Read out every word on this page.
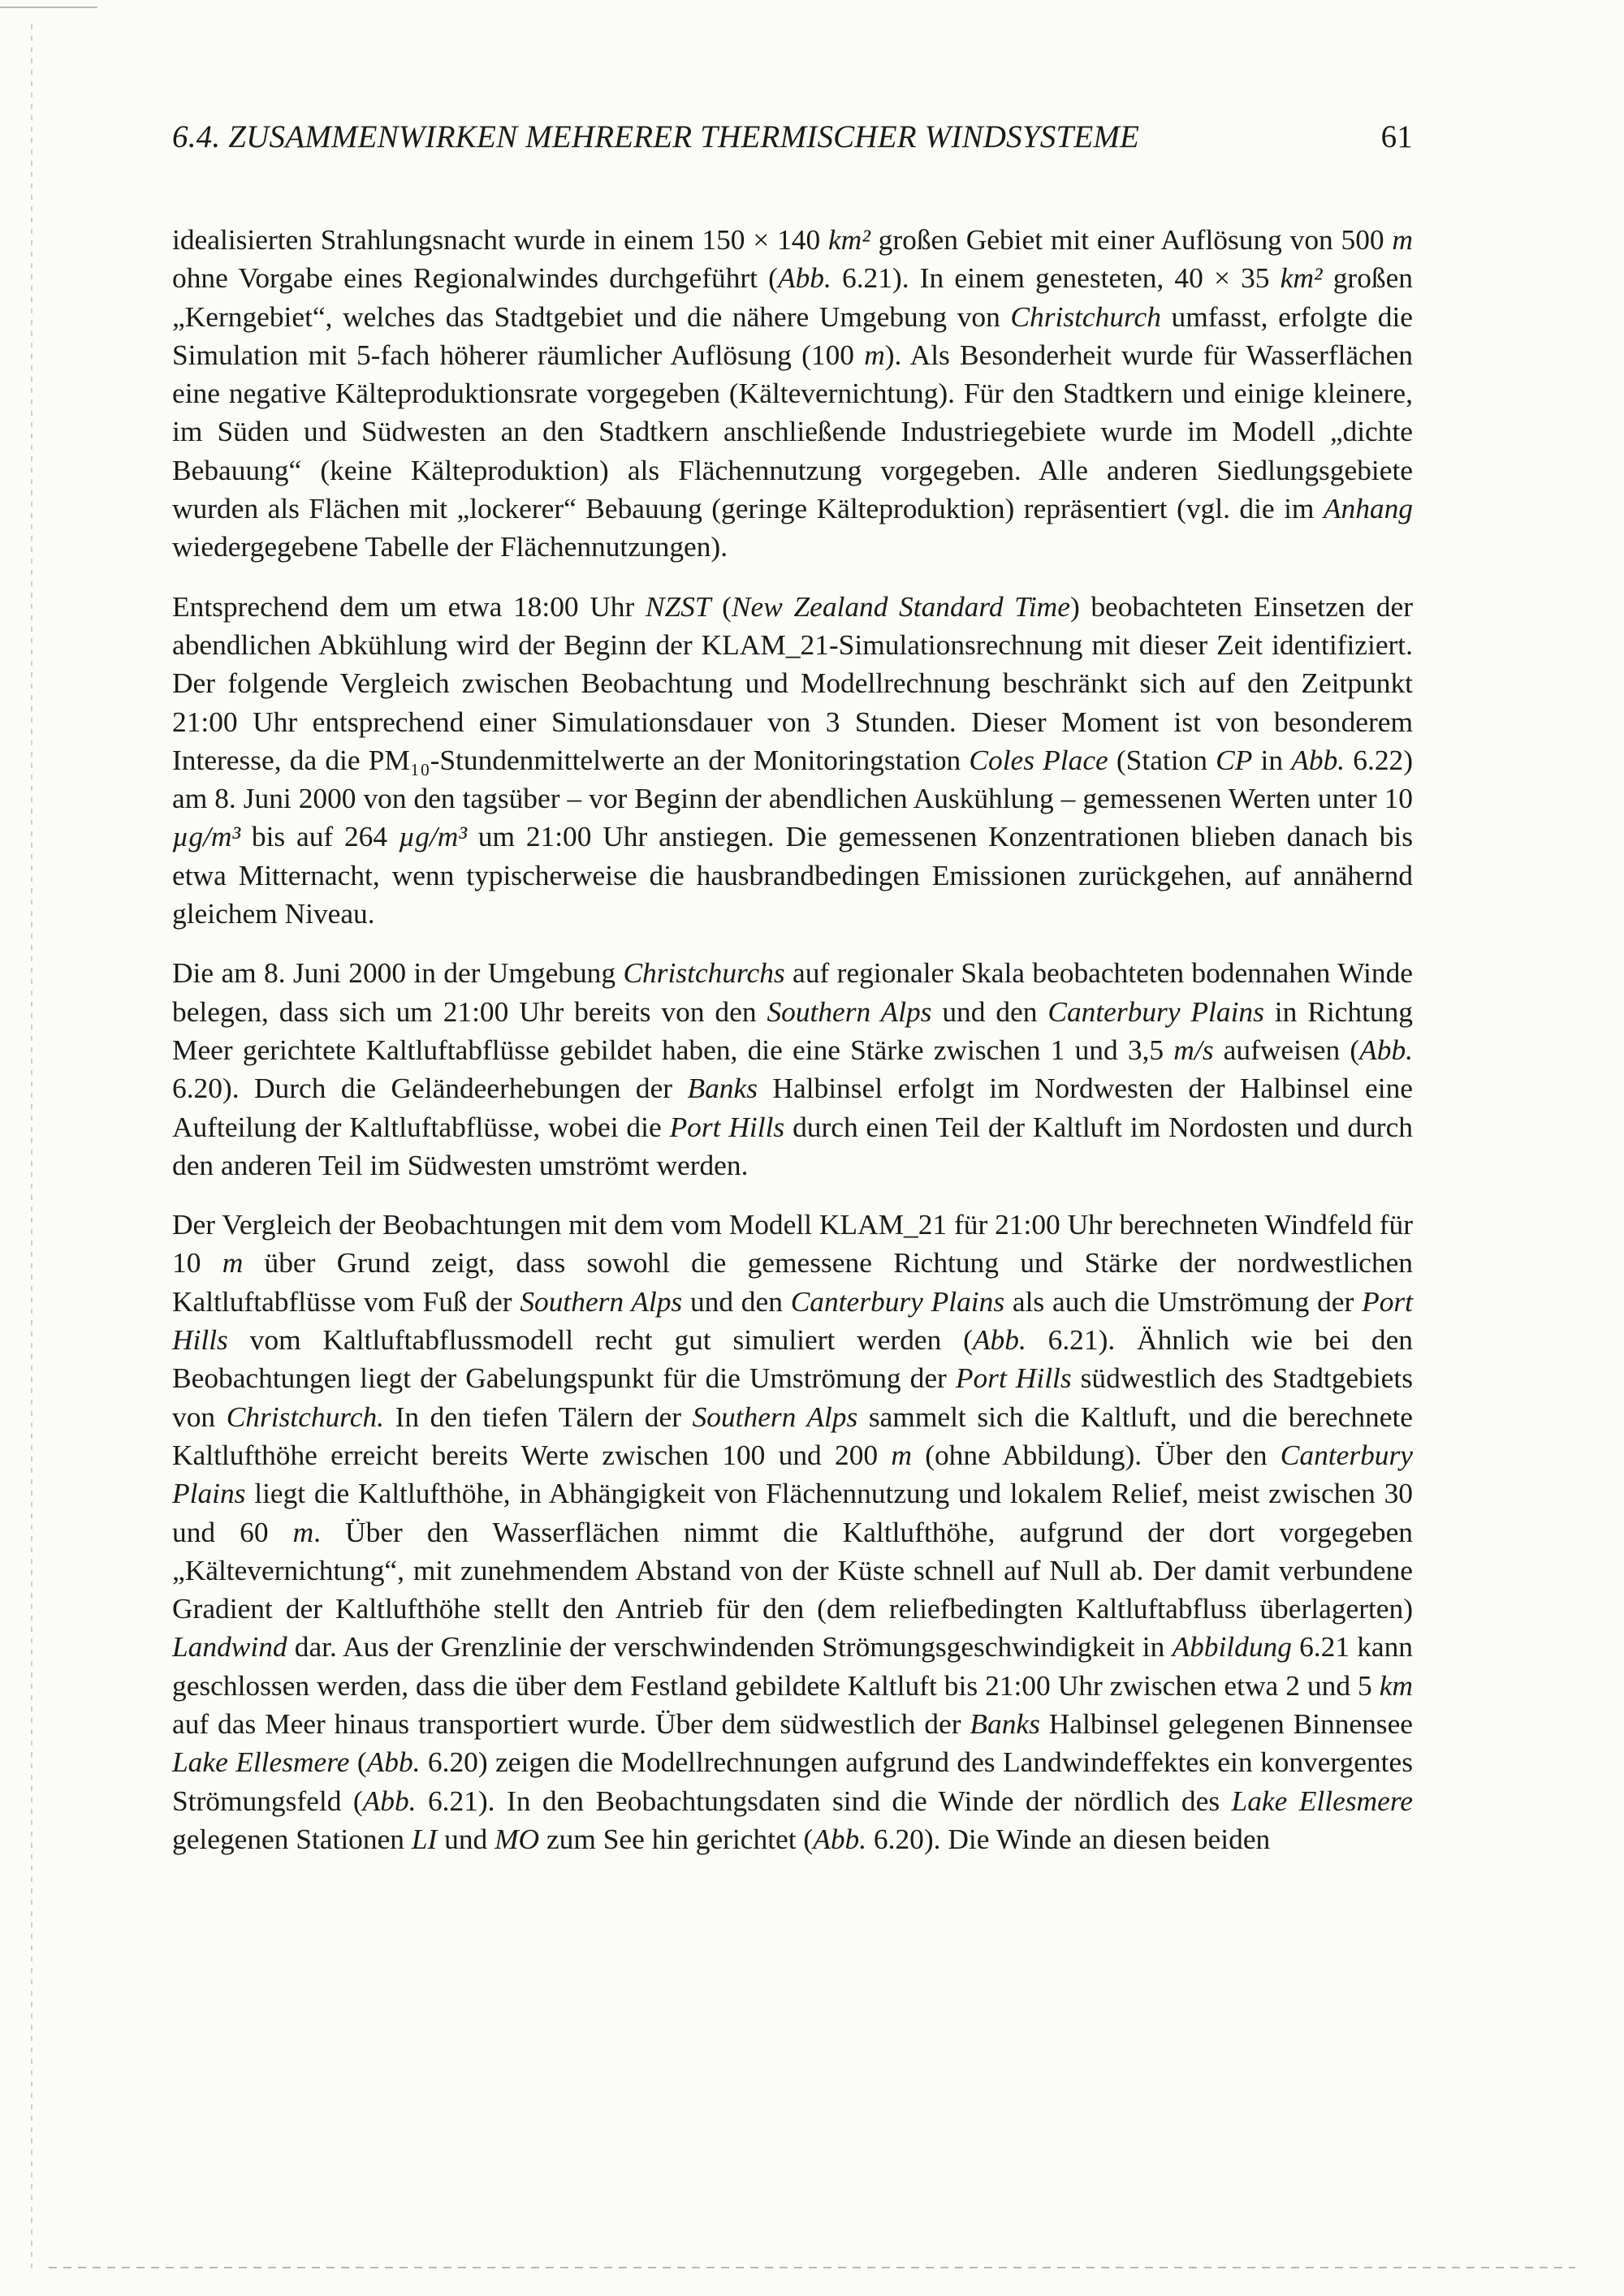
6.4. ZUSAMMENWIRKEN MEHRERER THERMISCHER WINDSYSTEME	61

idealisierten Strahlungsnacht wurde in einem 150 × 140 km² großen Gebiet mit einer Auflösung von 500 m ohne Vorgabe eines Regionalwindes durchgeführt (Abb. 6.21). In einem genesteten, 40 × 35 km² großen „Kerngebiet“, welches das Stadtgebiet und die nähere Umgebung von Christchurch umfasst, erfolgte die Simulation mit 5-fach höherer räumlicher Auflösung (100 m). Als Besonderheit wurde für Wasserflächen eine negative Kälteproduktionsrate vorgegeben (Kältevernichtung). Für den Stadtkern und einige kleinere, im Süden und Südwesten an den Stadtkern anschließende Industriegebiete wurde im Modell „dichte Bebauung“ (keine Kälteproduktion) als Flächennutzung vorgegeben. Alle anderen Siedlungsgebiete wurden als Flächen mit „lockerer“ Bebauung (geringe Kälteproduktion) repräsentiert (vgl. die im Anhang wiedergegebene Tabelle der Flächennutzungen).

Entsprechend dem um etwa 18:00 Uhr NZST (New Zealand Standard Time) beobachteten Einsetzen der abendlichen Abkühlung wird der Beginn der KLAM_21-Simulationsrechnung mit dieser Zeit identifiziert. Der folgende Vergleich zwischen Beobachtung und Modellrechnung beschränkt sich auf den Zeitpunkt 21:00 Uhr entsprechend einer Simulationsdauer von 3 Stunden. Dieser Moment ist von besonderem Interesse, da die PM₁₀-Stundenmittelwerte an der Monitoringstation Coles Place (Station CP in Abb. 6.22) am 8. Juni 2000 von den tagsüber – vor Beginn der abendlichen Auskühlung – gemessenen Werten unter 10 µg/m³ bis auf 264 µg/m³ um 21:00 Uhr anstiegen. Die gemessenen Konzentrationen blieben danach bis etwa Mitternacht, wenn typischerweise die hausbrandbedingen Emissionen zurückgehen, auf annähernd gleichem Niveau.

Die am 8. Juni 2000 in der Umgebung Christchurchs auf regionaler Skala beobachteten bodennahen Winde belegen, dass sich um 21:00 Uhr bereits von den Southern Alps und den Canterbury Plains in Richtung Meer gerichtete Kaltluftabflüsse gebildet haben, die eine Stärke zwischen 1 und 3,5 m/s aufweisen (Abb. 6.20). Durch die Geländeerhebungen der Banks Halbinsel erfolgt im Nordwesten der Halbinsel eine Aufteilung der Kaltluftabflüsse, wobei die Port Hills durch einen Teil der Kaltluft im Nordosten und durch den anderen Teil im Südwesten umströmt werden.

Der Vergleich der Beobachtungen mit dem vom Modell KLAM_21 für 21:00 Uhr berechneten Windfeld für 10 m über Grund zeigt, dass sowohl die gemessene Richtung und Stärke der nordwestlichen Kaltluftabflüsse vom Fuß der Southern Alps und den Canterbury Plains als auch die Umströmung der Port Hills vom Kaltluftabflussmodell recht gut simuliert werden (Abb. 6.21). Ähnlich wie bei den Beobachtungen liegt der Gabelungspunkt für die Umströmung der Port Hills südwestlich des Stadtgebiets von Christchurch. In den tiefen Tälern der Southern Alps sammelt sich die Kaltluft, und die berechnete Kaltlufthöhe erreicht bereits Werte zwischen 100 und 200 m (ohne Abbildung). Über den Canterbury Plains liegt die Kaltlufthöhe, in Abhängigkeit von Flächennutzung und lokalem Relief, meist zwischen 30 und 60 m. Über den Wasserflächen nimmt die Kaltlufthöhe, aufgrund der dort vorgegeben „Kältevernichtung“, mit zunehmendem Abstand von der Küste schnell auf Null ab. Der damit verbundene Gradient der Kaltlufthöhe stellt den Antrieb für den (dem reliefbedingten Kaltluftabfluss überlagerten) Landwind dar. Aus der Grenzlinie der verschwindenden Strömungsgeschwindigkeit in Abbildung 6.21 kann geschlossen werden, dass die über dem Festland gebildete Kaltluft bis 21:00 Uhr zwischen etwa 2 und 5 km auf das Meer hinaus transportiert wurde. Über dem südwestlich der Banks Halbinsel gelegenen Binnensee Lake Ellesmere (Abb. 6.20) zeigen die Modellrechnungen aufgrund des Landwindeffektes ein konvergentes Strömungsfeld (Abb. 6.21). In den Beobachtungsdaten sind die Winde der nördlich des Lake Ellesmere gelegenen Stationen LI und MO zum See hin gerichtet (Abb. 6.20). Die Winde an diesen beiden
